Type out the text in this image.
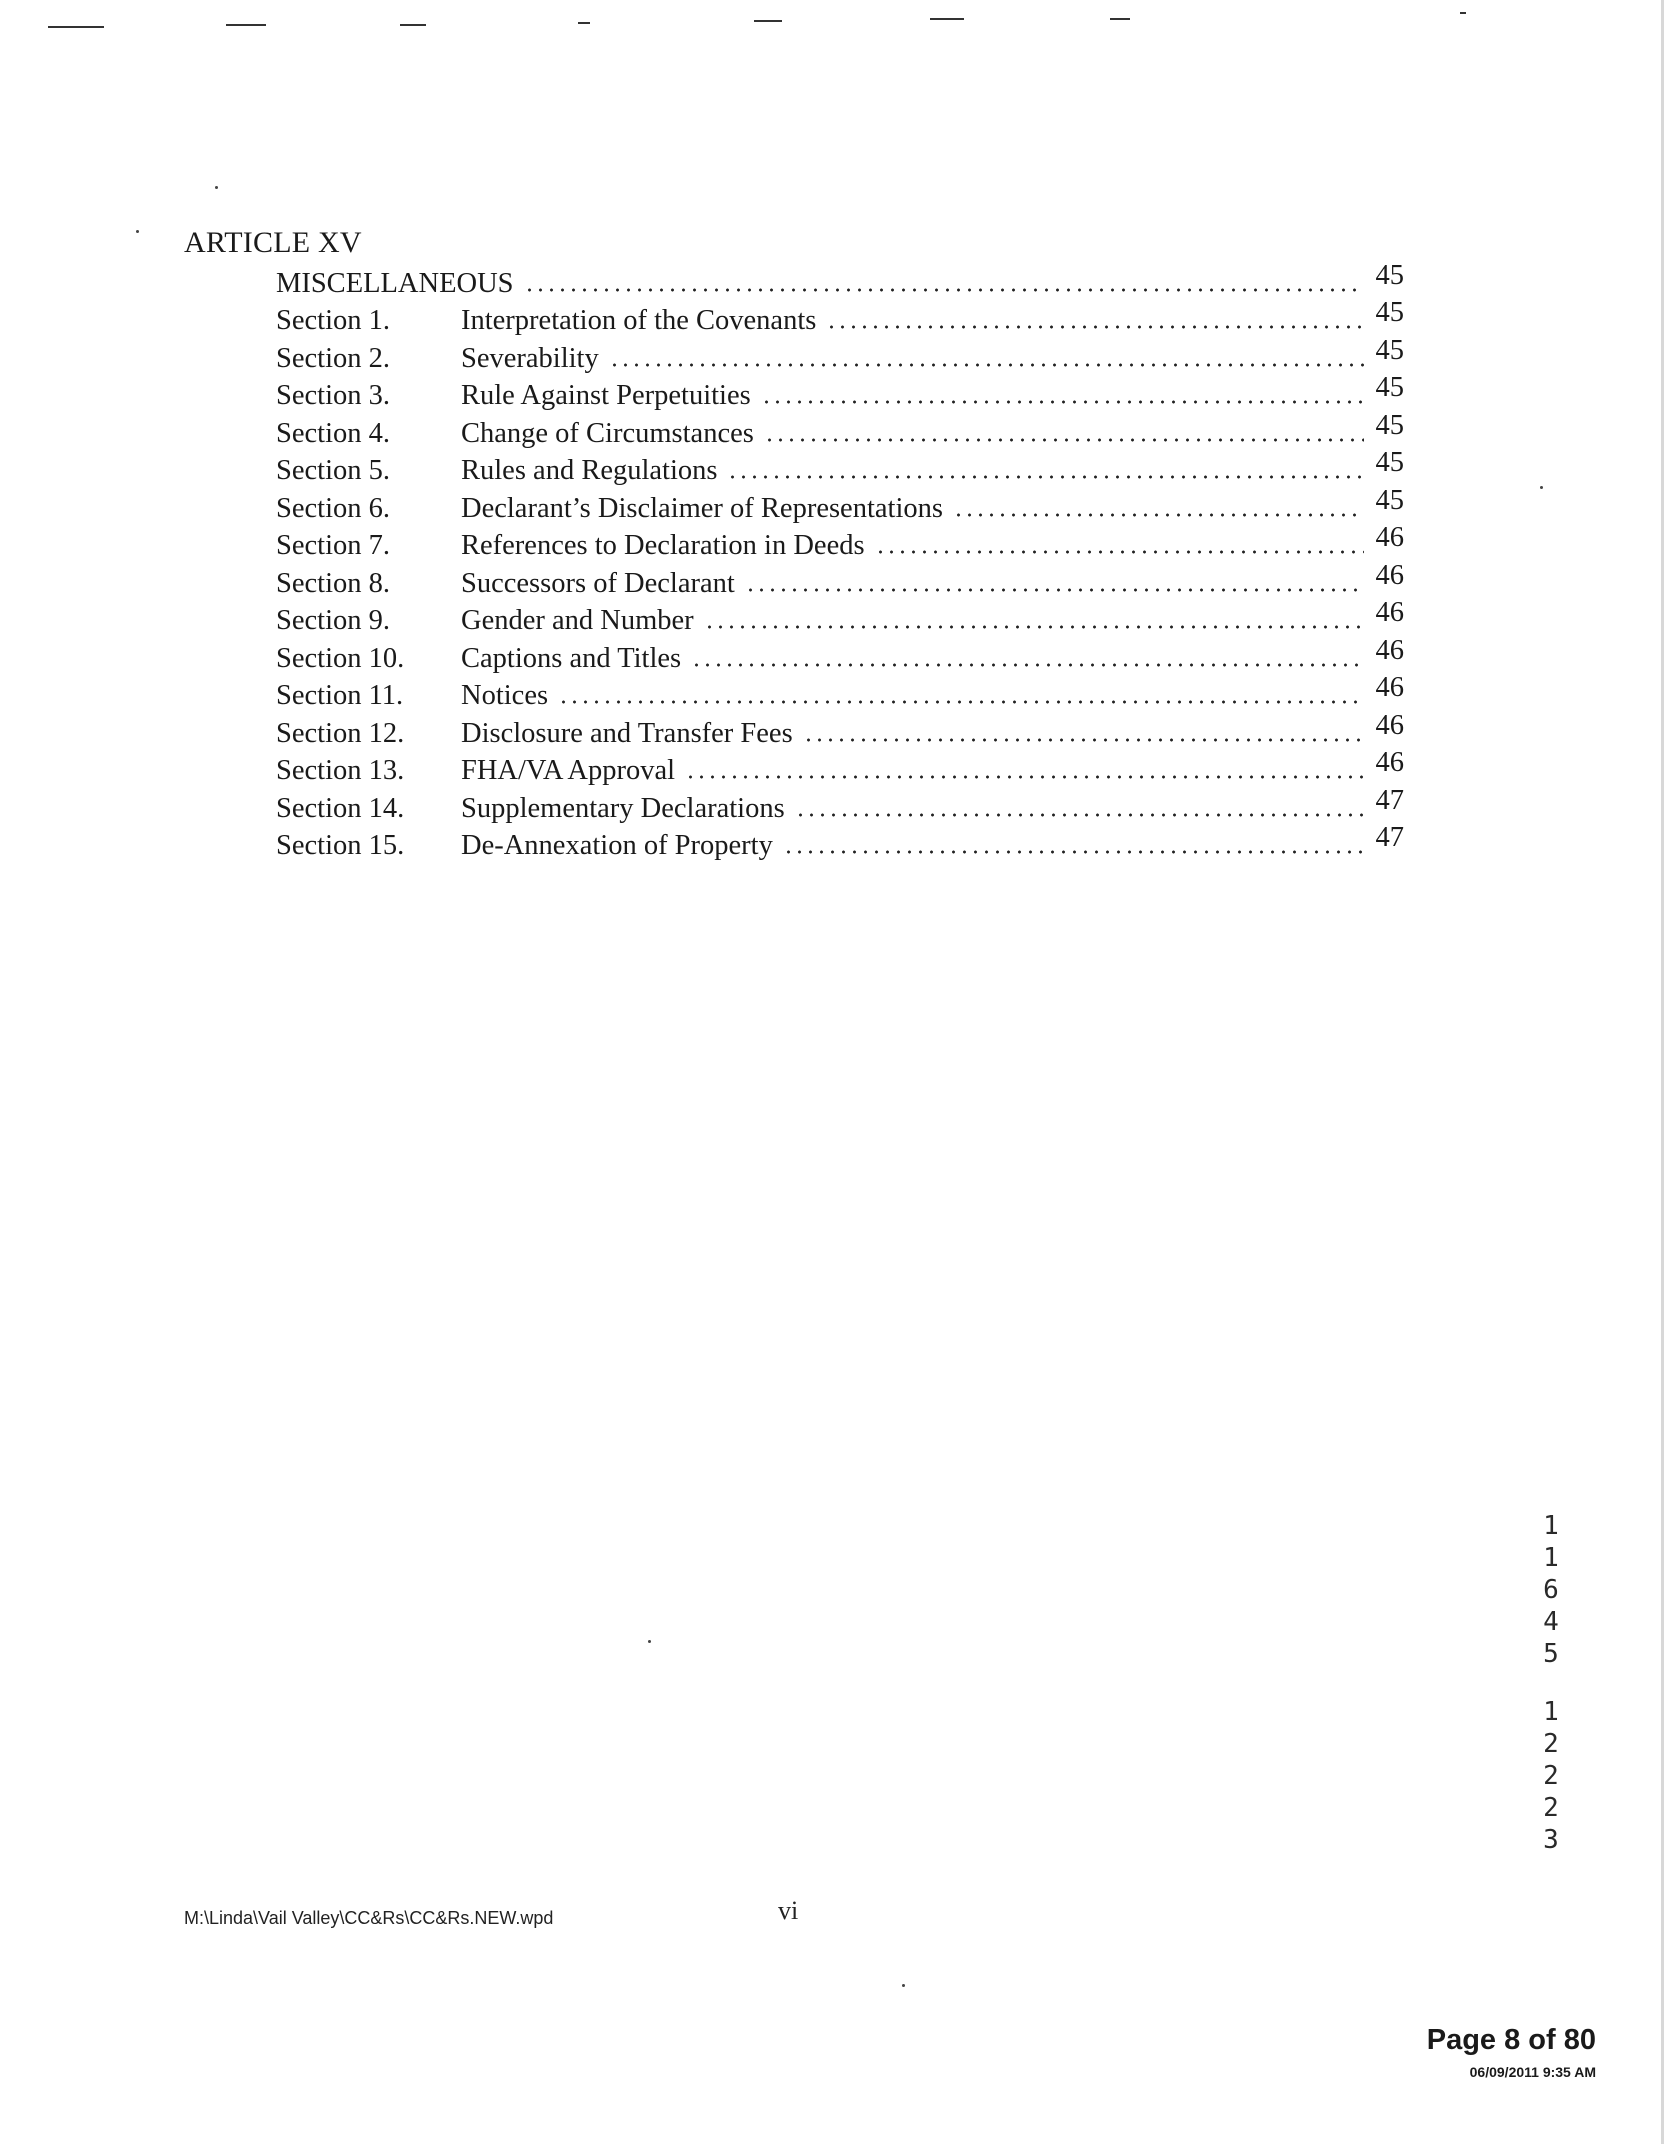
ARTICLE XV

MISCELLANEOUS	45
Section 1.	Interpretation of the Covenants	45
Section 2.	Severability	45
Section 3.	Rule Against Perpetuities	45
Section 4.	Change of Circumstances	45
Section 5.	Rules and Regulations	45
Section 6.	Declarant’s Disclaimer of Representations	45
Section 7.	References to Declaration in Deeds	46
Section 8.	Successors of Declarant	46
Section 9.	Gender and Number	46
Section 10.	Captions and Titles	46
Section 11.	Notices	46
Section 12.	Disclosure and Transfer Fees	46
Section 13.	FHA/VA Approval	46
Section 14.	Supplementary Declarations	47
Section 15.	De-Annexation of Property	47
1
1
6
4
5
1
2
2
2
3
M:\Linda\Vail Valley\CC&Rs\CC&Rs.NEW.wpd	vi
Page 8 of 80
06/09/2011 9:35 AM
